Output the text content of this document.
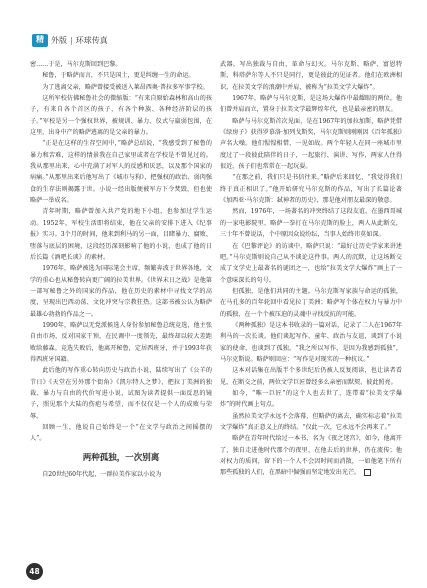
精 外版 | 环球传真

密……于是，马尔克斯回到巴黎。

秘鲁，于略萨而言，不只是国土，更是纠缠一生的命运。

为了逃离父亲，略萨曾接受被送入莱昂西奥·普拉多军事学校。

这所军校仿佛秘鲁社会的微缩版：“有来自原始森林和高山的孩子，有来自各个首区的孩子，有各个种族、各种经济阶层的孩子。”军校是另一个强权世界，被规训、暴力、仪式与羸弱包围，在这里，出身中产的略萨逃离的是父亲的暴力。

“正是在这样的生存空间中，”略萨总结说，“我感受到了秘鲁的暴力和苦难，这样的情景我在自己家里或者在学校是不曾见过的。我从那里出来，心中充满了对军人的反感和厌恶，以及那个国家的病痛。”从那里出来后他写出了《城市与狗》，把强权的政治、弱肉强食的生存法则揭露于世。小说一经出版便被军方下令焚毁，但也使略萨一举成名。

青年时期，略萨曾加入共产党的地下小组，也参加过学生运动。1952年，军校生活即将结束，他在父亲的安排下进入《纪事报》实习。3个月的时间，他来到利马的另一面，目睹暴力、腐败、堕落与底层的困境，这段经历深刻影响了他的小说，也成了他的日后长篇《酒吧长谈》的素材。

1976年，略萨被选为国际笔会主席，频繁奔波于世界各地，文学的重心也从秘鲁转向更广阔的拉美世界。《世界末日之战》是他第一部写秘鲁之外的国家的作品，他在历史的素材中寻找文学的高度，呈现出巴西动荡、文化冲突与宗教狂热。这部书被公认为略萨最雄心勃勃的作品之一。

1990年，略萨以无党派候选人身份参加秘鲁总统竞选，他主张自由市场、反对国家干预，在民调中一度领先，最终却以较大差距败给藤森。竞选失败后，他离开秘鲁，定居西班牙，并于1993年获得西班牙国籍。

此后他的写作重心转向历史与政治小说，陆续写出了《公羊的节日》《天堂在另外那个街角》《凯尔特人之梦》，把拉丁美洲的独裁、暴力与自由的代价写进小说，试图为读者提供一面反思的镜子，照见那个大陆的伤疤与希望，而不仅仅是一个人的成败与荣辱。

回顾一生，他说自己始终是一个“在文学与政治之间摇摆的人”。

两种孤独，一次别离

自20世纪60年代起，一群拉美作家以小说为

武器，写出独裁与自由、革命与幻灭。马尔克斯、略萨、富恩特斯、科塔萨尔等人不只是同行，更是彼此的见证者。他们在欧洲相识，在拉美文学的浪潮中并肩，被称为“拉美文学大爆炸”。

1967年，略萨与马尔克斯，是这场大爆炸中最耀眼的两位。他们曾并肩而立，置身于拉美文学最辉煌年代，也是最亲密的朋友。

略萨与马尔克斯首次见面，是在1967年的加拉加斯，略萨凭借《绿房子》获得罗慕洛·加列戈斯奖，马尔克斯则刚刚因《百年孤独》声名大噪。他们惺惺相惜，一见如故。两个年轻人在同一座城市里度过了一段彼此陪伴的日子，一起旅行、演讲、写作，两家人住得很近，孩子们也常常在一起玩耍。

“在那之前，我们只是书信往来，”略萨后来回忆，“我觉得我们终于真正相识了。”他开始研究马尔克斯的作品，写出了长篇论著《加西亚·马尔克斯：弑神者的历史》，那是他对朋友最深的敬意。

然而，1976年，一场著名的冲突终结了这段友谊。在墨西哥城的一家电影院里，略萨一拳打在马尔克斯的脸上，两人从此断交，三十年不曾说话，个中原因众说纷纭，当事人始终讳莫如深。

在《巴黎评论》的访谈中，略萨只说：“最好让历史学家来讲述吧。”马尔克斯则说自己从不谈论这件事。两人的沉默，让这场断交成了文学史上最著名的谜团之一，也给“拉美文学大爆炸”画上了一个意味深长的句号。

但孤独，是他们共同的主题。马尔克斯写家族与命运的孤独，在马孔多的百年轮回中看见拉丁美洲；略萨写个体在权力与暴力中的孤独，在一个个被压迫的灵魂中寻找反抗的可能。

《两种孤独》是这本书收录的一篇对话，记录了二人在1967年利马的一次长谈。他们谈起写作、童年、政治与友谊，谈到了小说家的使命，也谈到了孤独。“我之所以写作，是因为我感到孤独”，马尔克斯说。略萨则回应：“写作是对现实的一种抗议。”

这本对话集在出版半个多世纪后仍被人反复阅读，也让读者看见，在断交之前，两位文学巨匠曾经多么亲密而默契，彼此照亮。

如今，“唯一巨匠”的这个人也去世了，连带着“拉美文学爆炸”的时代画上句点。

虽然拉美文学永远不会落幕，但略萨的离去，确实标志着“拉美文学爆炸”真正意义上的终结。“仅此一次，它永远不会再来了。”

略萨在青年时代给过一本书，名为《夜之迷宫》，如今，他离开了，独自走进他时代那个的夜里，在他去后的世界，仍在流传；他对权力的质问，留下的一个人不会因时间而消散，一如他笔下所有那些孤独的人们，在黑暗中倔强而坚定地发出光芒。

48
